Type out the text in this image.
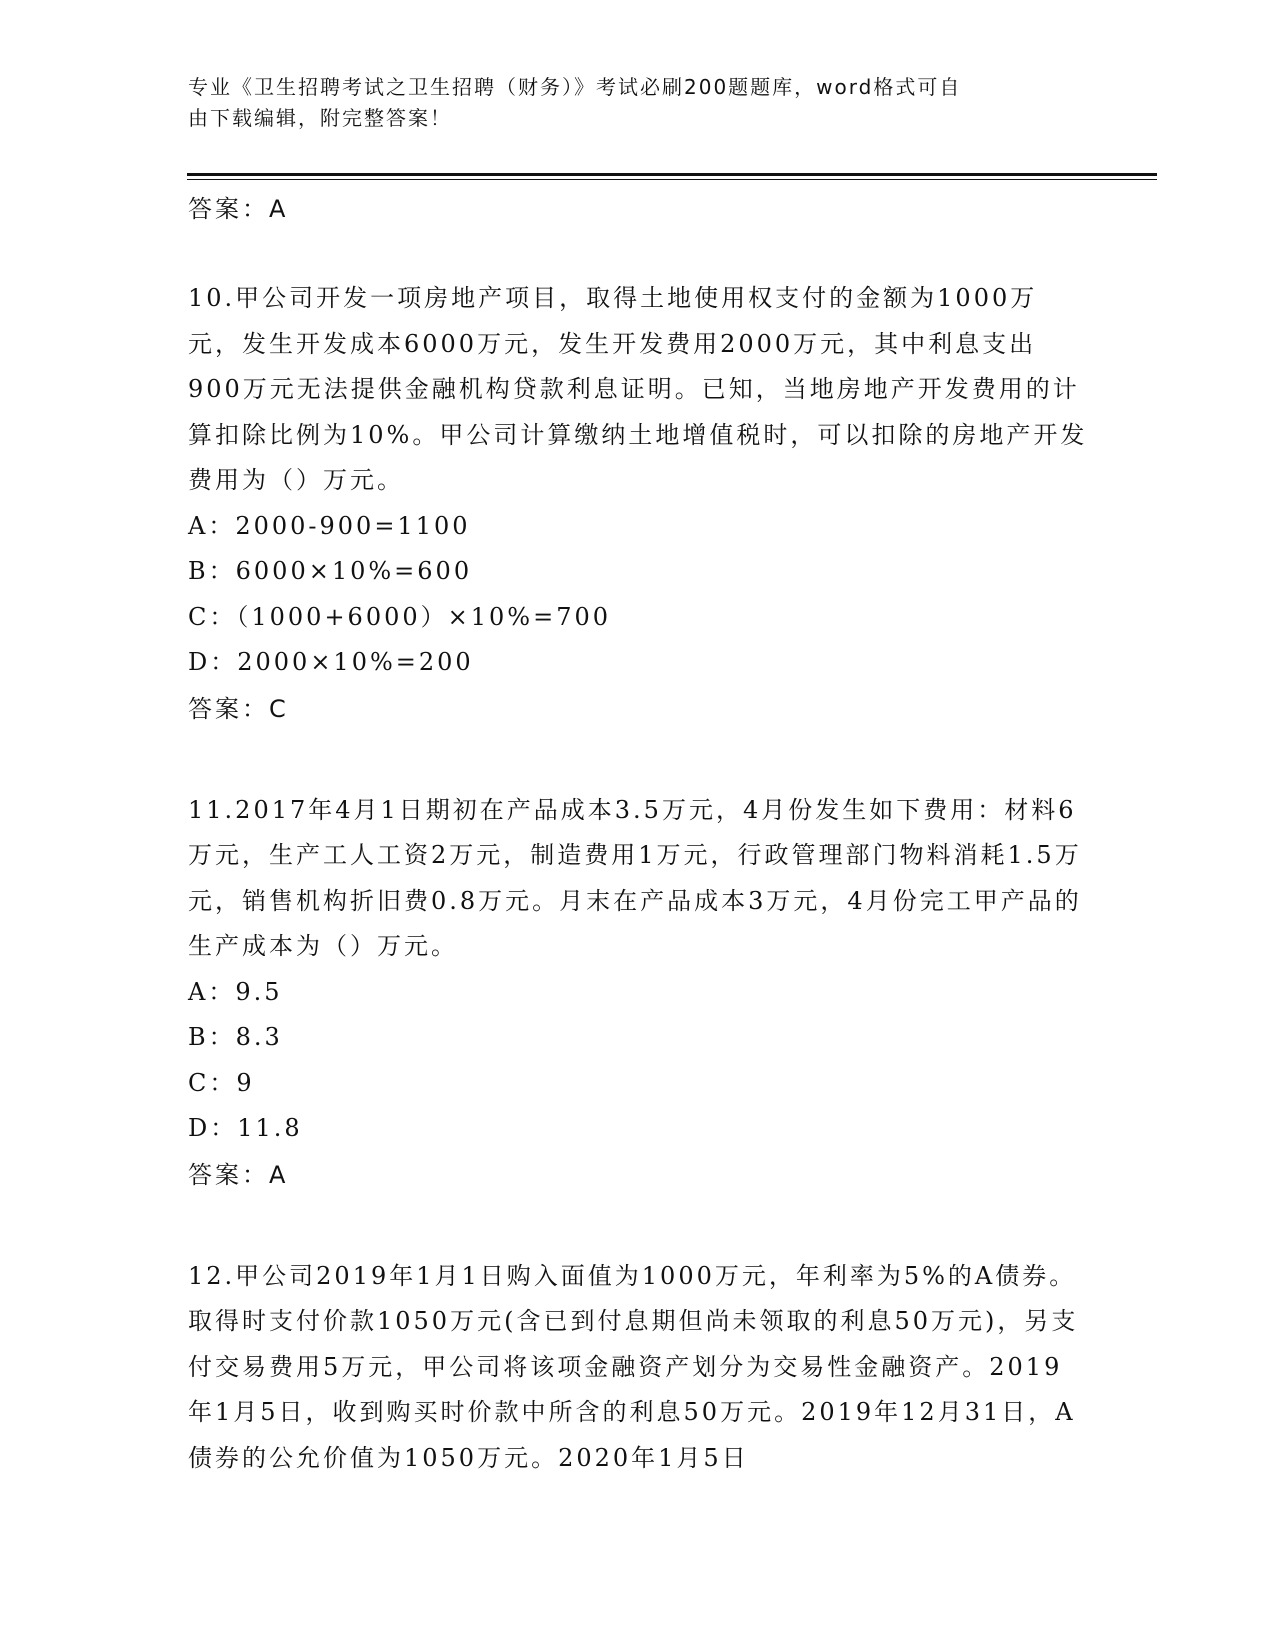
专业《卫生招聘考试之卫生招聘（财务）》考试必刷200题题库，word格式可自
由下载编辑，附完整答案！

答案：A

10.甲公司开发一项房地产项目，取得土地使用权支付的金额为1000万元，发生开发成本6000万元，发生开发费用2000万元，其中利息支出900万元无法提供金融机构贷款利息证明。已知，当地房地产开发费用的计算扣除比例为10%。甲公司计算缴纳土地增值税时，可以扣除的房地产开发费用为（）万元。

A：2000-900=1100

B：6000×10%=600

C：（1000+6000）×10%=700

D：2000×10%=200

答案：C

11.2017年4月1日期初在产品成本3.5万元，4月份发生如下费用：材料6万元，生产工人工资2万元，制造费用1万元，行政管理部门物料消耗1.5万元，销售机构折旧费0.8万元。月末在产品成本3万元，4月份完工甲产品的生产成本为（）万元。

A：9.5

B：8.3

C：9

D：11.8

答案：A

12.甲公司2019年1月1日购入面值为1000万元，年利率为5%的A债券。取得时支付价款1050万元(含已到付息期但尚未领取的利息50万元)，另支付交易费用5万元，甲公司将该项金融资产划分为交易性金融资产。2019年1月5日，收到购买时价款中所含的利息50万元。2019年12月31日，A债券的公允价值为1050万元。2020年1月5日
